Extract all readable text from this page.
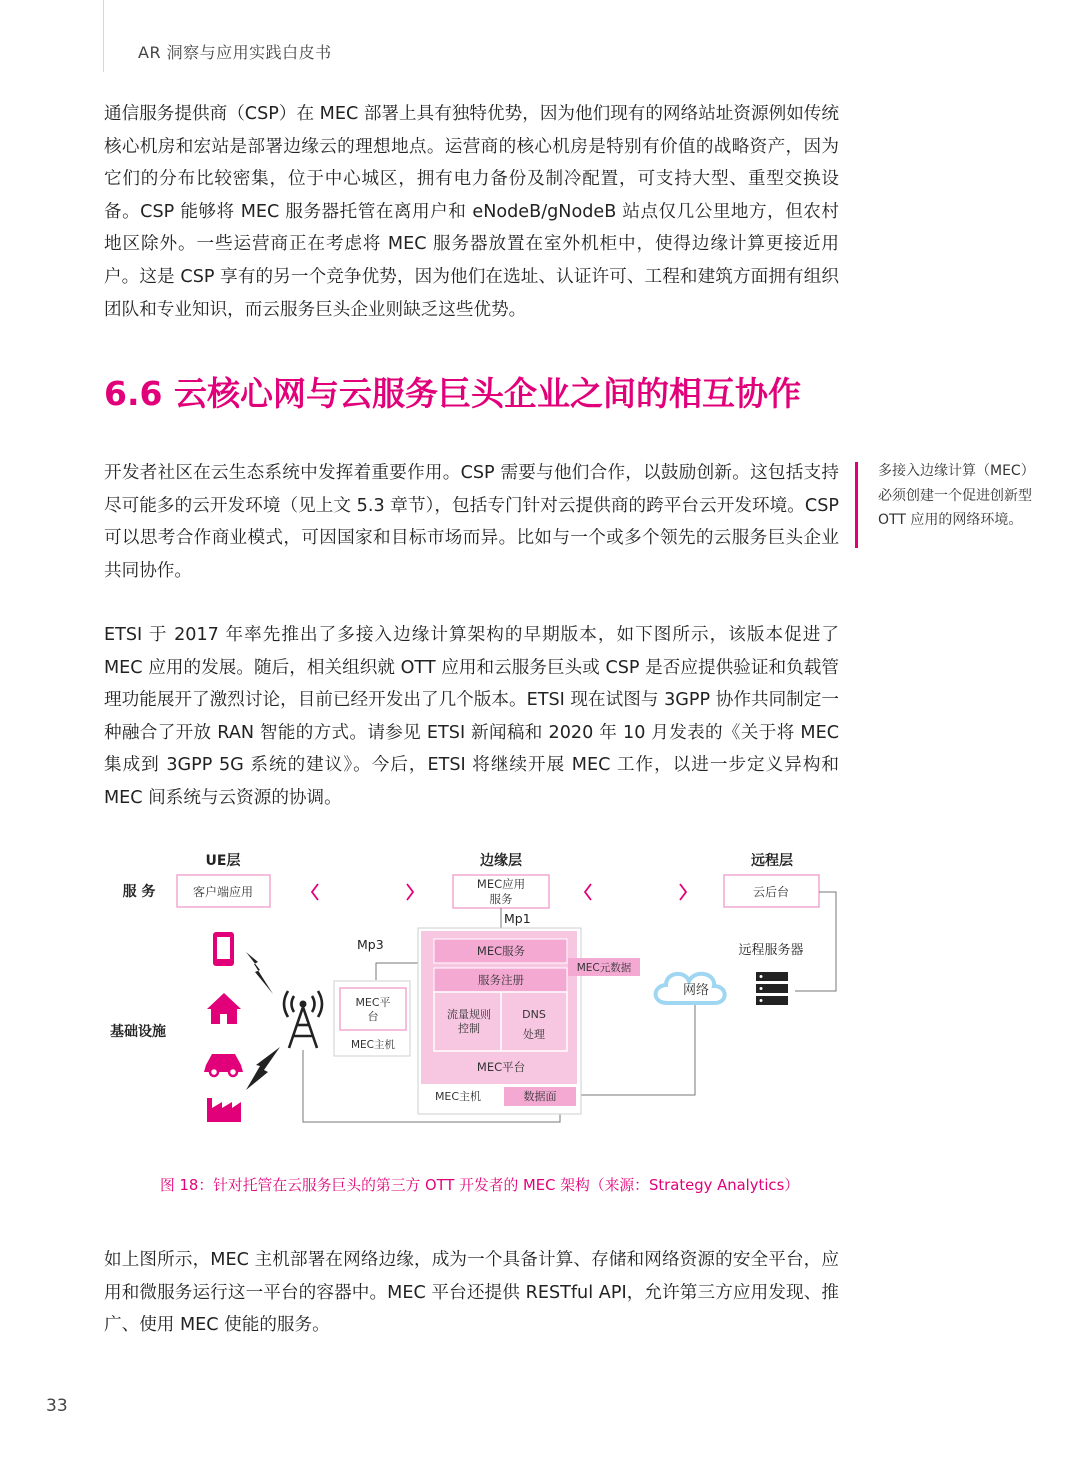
AR 洞察与应用实践白皮书

通信服务提供商（CSP）在 MEC 部署上具有独特优势，因为他们现有的网络站址资源例如传统核心机房和宏站是部署边缘云的理想地点。运营商的核心机房是特别有价值的战略资产，因为它们的分布比较密集，位于中心城区，拥有电力备份及制冷配置，可支持大型、重型交换设备。CSP 能够将 MEC 服务器托管在离用户和 eNodeB/gNodeB 站点仅几公里地方，但农村地区除外。一些运营商正在考虑将 MEC 服务器放置在室外机柜中，使得边缘计算更接近用户。这是 CSP 享有的另一个竞争优势，因为他们在选址、认证许可、工程和建筑方面拥有组织团队和专业知识，而云服务巨头企业则缺乏这些优势。

6.6 云核心网与云服务巨头企业之间的相互协作

开发者社区在云生态系统中发挥着重要作用。CSP 需要与他们合作，以鼓励创新。这包括支持尽可能多的云开发环境（见上文 5.3 章节），包括专门针对云提供商的跨平台云开发环境。CSP 可以思考合作商业模式，可因国家和目标市场而异。比如与一个或多个领先的云服务巨头企业共同协作。

多接入边缘计算（MEC）必须创建一个促进创新型 OTT 应用的网络环境。

ETSI 于 2017 年率先推出了多接入边缘计算架构的早期版本，如下图所示，该版本促进了 MEC 应用的发展。随后，相关组织就 OTT 应用和云服务巨头或 CSP 是否应提供验证和负载管理功能展开了激烈讨论，目前已经开发出了几个版本。ETSI 现在试图与 3GPP 协作共同制定一种融合了开放 RAN 智能的方式。请参见 ETSI 新闻稿和 2020 年 10 月发表的《关于将 MEC 集成到 3GPP 5G 系统的建议》。今后，ETSI 将继续开展 MEC 工作，以进一步定义异构和 MEC 间系统与云资源的协调。

UE层	边缘层	远程层
服 务
基础设施
客户端应用
MEC应用
服务	云后台
Mp1
Mp3	MEC服务
服务注册
MEC元数据
流量规则
控制
DNS
处理
MEC平台
MEC主机	数据面
MEC平
台
MEC主机
网络
远程服务器
图 18：针对托管在云服务巨头的第三方 OTT 开发者的 MEC 架构（来源：Strategy Analytics）

如上图所示，MEC 主机部署在网络边缘，成为一个具备计算、存储和网络资源的安全平台，应用和微服务运行这一平台的容器中。MEC 平台还提供 RESTful API，允许第三方应用发现、推广、使用 MEC 使能的服务。

33
